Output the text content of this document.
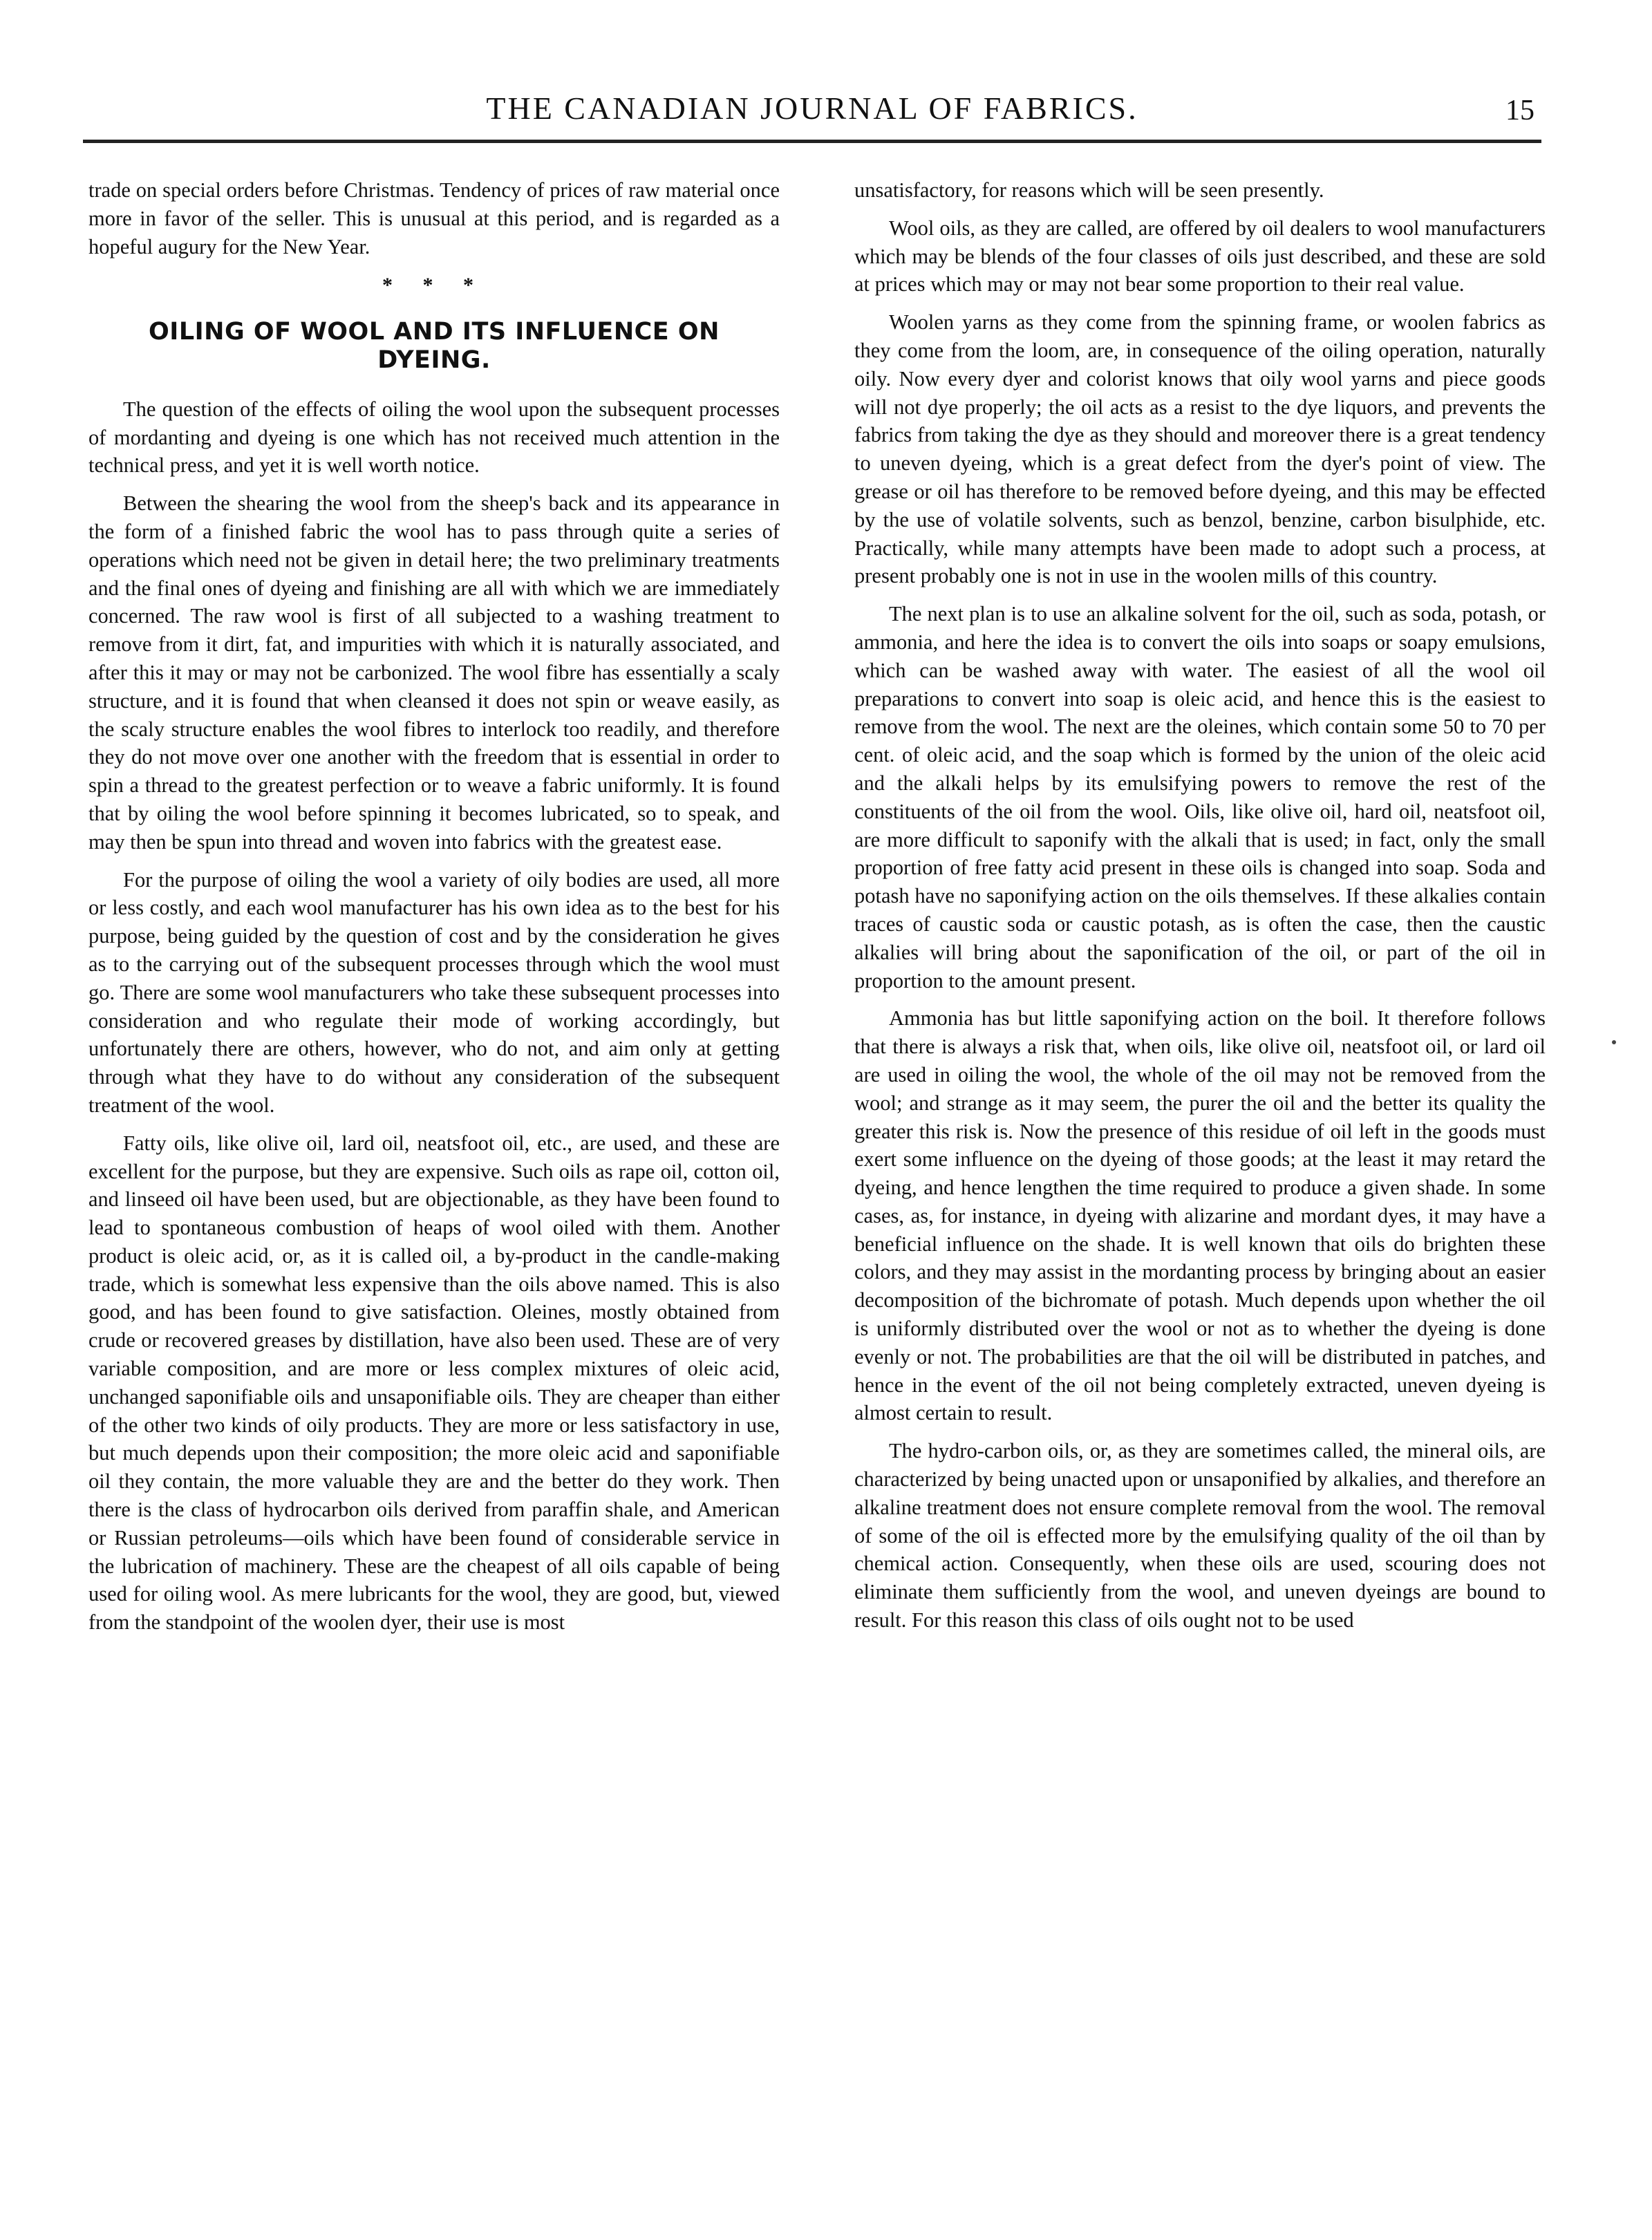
THE CANADIAN JOURNAL OF FABRICS.	15

trade on special orders before Christmas. Tendency of prices of raw material once more in favor of the seller. This is unusual at this period, and is regarded as a hopeful augury for the New Year.

* * *
OILING OF WOOL AND ITS INFLUENCE ON DYEING.

The question of the effects of oiling the wool upon the subsequent processes of mordanting and dyeing is one which has not received much attention in the technical press, and yet it is well worth notice.

Between the shearing the wool from the sheep's back and its appearance in the form of a finished fabric the wool has to pass through quite a series of operations which need not be given in detail here; the two preliminary treatments and the final ones of dyeing and finishing are all with which we are immediately concerned. The raw wool is first of all subjected to a washing treatment to remove from it dirt, fat, and impurities with which it is naturally associated, and after this it may or may not be carbonized. The wool fibre has essentially a scaly structure, and it is found that when cleansed it does not spin or weave easily, as the scaly structure enables the wool fibres to interlock too readily, and therefore they do not move over one another with the freedom that is essential in order to spin a thread to the greatest perfection or to weave a fabric uniformly. It is found that by oiling the wool before spinning it becomes lubricated, so to speak, and may then be spun into thread and woven into fabrics with the greatest ease.

For the purpose of oiling the wool a variety of oily bodies are used, all more or less costly, and each wool manufacturer has his own idea as to the best for his purpose, being guided by the question of cost and by the consideration he gives as to the carrying out of the subsequent processes through which the wool must go. There are some wool manufacturers who take these subsequent processes into consideration and who regulate their mode of working accordingly, but unfortunately there are others, however, who do not, and aim only at getting through what they have to do without any consideration of the subsequent treatment of the wool.

Fatty oils, like olive oil, lard oil, neatsfoot oil, etc., are used, and these are excellent for the purpose, but they are expensive. Such oils as rape oil, cotton oil, and linseed oil have been used, but are objectionable, as they have been found to lead to spontaneous combustion of heaps of wool oiled with them. Another product is oleic acid, or, as it is called oil, a by-product in the candle-making trade, which is somewhat less expensive than the oils above named. This is also good, and has been found to give satisfaction. Oleines, mostly obtained from crude or recovered greases by distillation, have also been used. These are of very variable composition, and are more or less complex mixtures of oleic acid, unchanged saponifiable oils and unsaponifiable oils. They are cheaper than either of the other two kinds of oily products. They are more or less satisfactory in use, but much depends upon their composition; the more oleic acid and saponifiable oil they contain, the more valuable they are and the better do they work. Then there is the class of hydrocarbon oils derived from paraffin shale, and American or Russian petroleums—oils which have been found of considerable service in the lubrication of machinery. These are the cheapest of all oils capable of being used for oiling wool. As mere lubricants for the wool, they are good, but, viewed from the standpoint of the woolen dyer, their use is most

unsatisfactory, for reasons which will be seen presently.

Wool oils, as they are called, are offered by oil dealers to wool manufacturers which may be blends of the four classes of oils just described, and these are sold at prices which may or may not bear some proportion to their real value.

Woolen yarns as they come from the spinning frame, or woolen fabrics as they come from the loom, are, in consequence of the oiling operation, naturally oily. Now every dyer and colorist knows that oily wool yarns and piece goods will not dye properly; the oil acts as a resist to the dye liquors, and prevents the fabrics from taking the dye as they should and moreover there is a great tendency to uneven dyeing, which is a great defect from the dyer's point of view. The grease or oil has therefore to be removed before dyeing, and this may be effected by the use of volatile solvents, such as benzol, benzine, carbon bisulphide, etc. Practically, while many attempts have been made to adopt such a process, at present probably one is not in use in the woolen mills of this country.

The next plan is to use an alkaline solvent for the oil, such as soda, potash, or ammonia, and here the idea is to convert the oils into soaps or soapy emulsions, which can be washed away with water. The easiest of all the wool oil preparations to convert into soap is oleic acid, and hence this is the easiest to remove from the wool. The next are the oleines, which contain some 50 to 70 per cent. of oleic acid, and the soap which is formed by the union of the oleic acid and the alkali helps by its emulsifying powers to remove the rest of the constituents of the oil from the wool. Oils, like olive oil, hard oil, neatsfoot oil, are more difficult to saponify with the alkali that is used; in fact, only the small proportion of free fatty acid present in these oils is changed into soap. Soda and potash have no saponifying action on the oils themselves. If these alkalies contain traces of caustic soda or caustic potash, as is often the case, then the caustic alkalies will bring about the saponification of the oil, or part of the oil in proportion to the amount present.

Ammonia has but little saponifying action on the boil. It therefore follows that there is always a risk that, when oils, like olive oil, neatsfoot oil, or lard oil are used in oiling the wool, the whole of the oil may not be removed from the wool; and strange as it may seem, the purer the oil and the better its quality the greater this risk is. Now the presence of this residue of oil left in the goods must exert some influence on the dyeing of those goods; at the least it may retard the dyeing, and hence lengthen the time required to produce a given shade. In some cases, as, for instance, in dyeing with alizarine and mordant dyes, it may have a beneficial influence on the shade. It is well known that oils do brighten these colors, and they may assist in the mordanting process by bringing about an easier decomposition of the bichromate of potash. Much depends upon whether the oil is uniformly distributed over the wool or not as to whether the dyeing is done evenly or not. The probabilities are that the oil will be distributed in patches, and hence in the event of the oil not being completely extracted, uneven dyeing is almost certain to result.

The hydro-carbon oils, or, as they are sometimes called, the mineral oils, are characterized by being unacted upon or unsaponified by alkalies, and therefore an alkaline treatment does not ensure complete removal from the wool. The removal of some of the oil is effected more by the emulsifying quality of the oil than by chemical action. Consequently, when these oils are used, scouring does not eliminate them sufficiently from the wool, and uneven dyeings are bound to result. For this reason this class of oils ought not to be used
